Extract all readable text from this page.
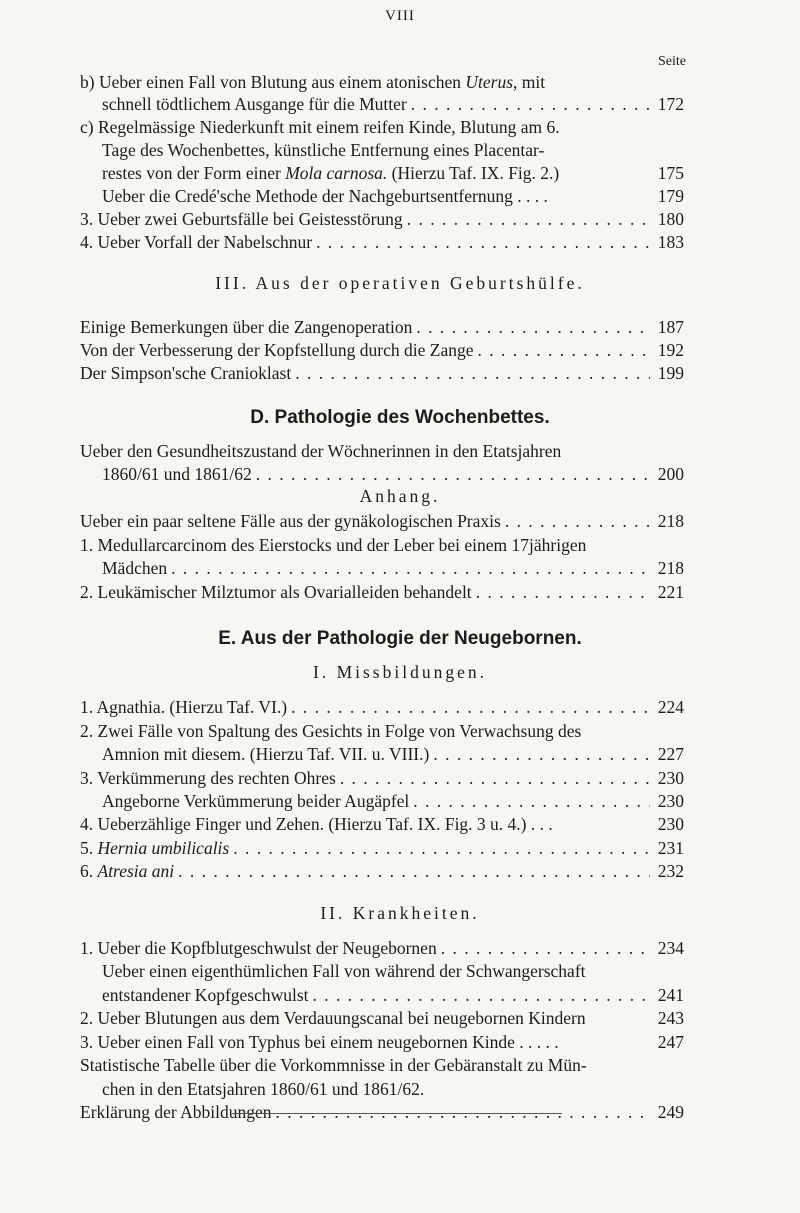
VIII
Seite
b) Ueber einen Fall von Blutung aus einem atonischen Uterus, mit
schnell tödtlichem Ausgange für die Mutter . . .	172
c) Regelmässige Niederkunft mit einem reifen Kinde, Blutung am 6.
Tage des Wochenbettes, künstliche Entfernung eines Placentar-
restes von der Form einer Mola carnosa. (Hierzu Taf. IX. Fig. 2.)	175
Ueber die Credé'sche Methode der Nachgeburtsentfernung . . . .	179
3. Ueber zwei Geburtsfälle bei Geistesstörung . . .	180
4. Ueber Vorfall der Nabelschnur . . .	183
III. Aus der operativen Geburtshülfe.
Einige Bemerkungen über die Zangenoperation . . .	187
Von der Verbesserung der Kopfstellung durch die Zange . . .	192
Der Simpson'sche Cranioklast . . .	199
D. Pathologie des Wochenbettes.
Ueber den Gesundheitszustand der Wöchnerinnen in den Etatsjahren
1860/61 und 1861/62 . . .	200
Anhang.
Ueber ein paar seltene Fälle aus der gynäkologischen Praxis . . .	218
1. Medullarcarcinom des Eierstocks und der Leber bei einem 17jährigen
Mädchen . . .	218
2. Leukämischer Milztumor als Ovarialleiden behandelt . . .	221
E. Aus der Pathologie der Neugebornen.
I. Missbildungen.
1. Agnathia. (Hierzu Taf. VI.) . . .	224
2. Zwei Fälle von Spaltung des Gesichts in Folge von Verwachsung des
Amnion mit diesem. (Hierzu Taf. VII. u. VIII.) . . .	227
3. Verkümmerung des rechten Ohres . . .	230
Angeborne Verkümmerung beider Augäpfel . . .	230
4. Ueberzählige Finger und Zehen. (Hierzu Taf. IX. Fig. 3 u. 4.) . . .	230
5. Hernia umbilicalis . . .	231
6. Atresia ani . . .	232
II. Krankheiten.
1. Ueber die Kopfblutgeschwulst der Neugebornen . . .	234
Ueber einen eigenthümlichen Fall von während der Schwangerschaft
entstandener Kopfgeschwulst . . .	241
2. Ueber Blutungen aus dem Verdauungscanal bei neugebornen Kindern	243
3. Ueber einen Fall von Typhus bei einem neugebornen Kinde . . . . .	247
Statistische Tabelle über die Vorkommnisse in der Gebäranstalt zu Mün-
chen in den Etatsjahren 1860/61 und 1861/62.
Erklärung der Abbildungen . . .	249
